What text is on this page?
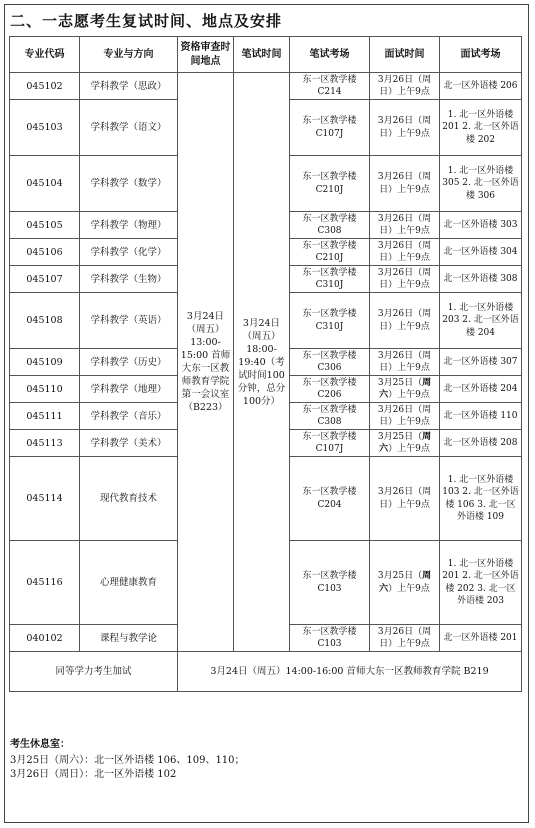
二、一志愿考生复试时间、地点及安排
专业代码	专业与方向	资格审查时间地点	笔试时间	笔试考场	面试时间	面试考场
045102	学科教学（思政）	3月24日（周五）13:00-15:00 首师大东一区教师教育学院第一会议室（B223）	3月24日（周五）18:00-19:40（考试时间100分钟，总分100分）	东一区教学楼C214	3月26日（周日）上午9点	北一区外语楼 206
045103	学科教学（语文）			东一区教学楼C107J	3月26日（周日）上午9点	1. 北一区外语楼 201 2. 北一区外语楼 202
045104	学科教学（数学）			东一区教学楼C210J	3月26日（周日）上午9点	1. 北一区外语楼 305 2. 北一区外语楼 306
045105	学科教学（物理）			东一区教学楼C308	3月26日（周日）上午9点	北一区外语楼 303
045106	学科教学（化学）			东一区教学楼C210J	3月26日（周日）上午9点	北一区外语楼 304
045107	学科教学（生物）			东一区教学楼C310J	3月26日（周日）上午9点	北一区外语楼 308
045108	学科教学（英语）			东一区教学楼C310J	3月26日（周日）上午9点	1. 北一区外语楼 203 2. 北一区外语楼 204
045109	学科教学（历史）			东一区教学楼C306	3月26日（周日）上午9点	北一区外语楼 307
045110	学科教学（地理）			东一区教学楼C206	3月25日（周六）上午9点	北一区外语楼 204
045111	学科教学（音乐）			东一区教学楼C308	3月26日（周日）上午9点	北一区外语楼 110
045113	学科教学（美术）			东一区教学楼C107J	3月25日（周六）上午9点	北一区外语楼 208
045114	现代教育技术			东一区教学楼C204	3月26日（周日）上午9点	1. 北一区外语楼 103 2. 北一区外语楼 106 3. 北一区外语楼 109
045116	心理健康教育			东一区教学楼C103	3月25日（周六）上午9点	1. 北一区外语楼 201 2. 北一区外语楼 202 3. 北一区外语楼 203
040102	课程与教学论			东一区教学楼C103	3月26日（周日）上午9点	北一区外语楼 201
同等学力考生加试		3月24日（周五）14:00-16:00 首师大东一区教师教育学院 B219				
考生休息室：
3月25日（周六）：北一区外语楼 106、109、110；
3月26日（周日）：北一区外语楼 102
